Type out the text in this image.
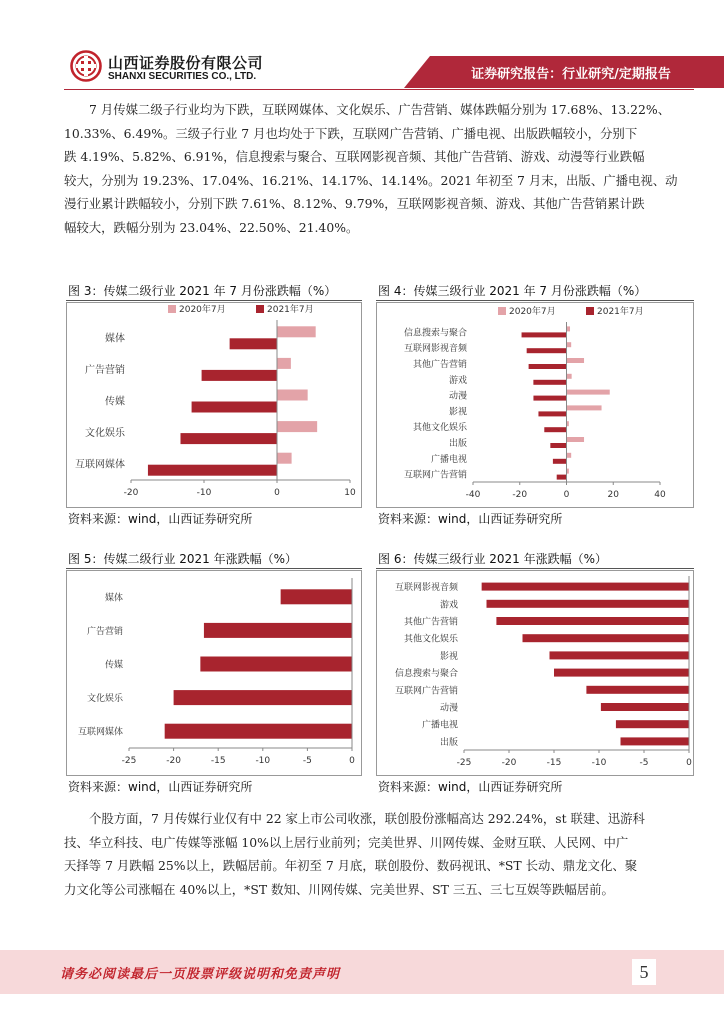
山西证券股份有限公司
SHANXI SECURITIES CO., LTD.	证券研究报告：行业研究/定期报告
7 月传媒二级子行业均为下跌，互联网媒体、文化娱乐、广告营销、媒体跌幅分别为 17.68%、13.22%、
10.33%、6.49%。三级子行业 7 月也均处于下跌，互联网广告营销、广播电视、出版跌幅较小，分别下
跌 4.19%、5.82%、6.91%，信息搜索与聚合、互联网影视音频、其他广告营销、游戏、动漫等行业跌幅
较大，分别为 19.23%、17.04%、16.21%、14.17%、14.14%。2021 年初至 7 月末，出版、广播电视、动
漫行业累计跌幅较小，分别下跌 7.61%、8.12%、9.79%，互联网影视音频、游戏、其他广告营销累计跌
幅较大，跌幅分别为 23.04%、22.50%、21.40%。
图 3：传媒二级行业 2021 年 7 月份涨跌幅（%）	图 4：传媒三级行业 2021 年 7 月份涨跌幅（%）
2020年7月	2021年7月
媒体
广告营销
传媒
文化娱乐
互联网媒体
-20	-10	0	10
2020年7月	2021年7月
信息搜索与聚合
互联网影视音频
其他广告营销
游戏
动漫
影视
其他文化娱乐
出版
广播电视
互联网广告营销
-40	-20	0	20	40
资料来源：wind，山西证券研究所	资料来源：wind，山西证券研究所
图 5：传媒二级行业 2021 年涨跌幅（%）	图 6：传媒三级行业 2021 年涨跌幅（%）
媒体
广告营销
传媒
文化娱乐
互联网媒体
-25	-20	-15	-10	-5	0
互联网影视音频
游戏
其他广告营销
其他文化娱乐
影视
信息搜索与聚合
互联网广告营销
动漫
广播电视
出版
-25	-20	-15	-10	-5	0
资料来源：wind，山西证券研究所	资料来源：wind，山西证券研究所
个股方面，7 月传媒行业仅有中 22 家上市公司收涨，联创股份涨幅高达 292.24%，st 联建、迅游科
技、华立科技、电广传媒等涨幅 10%以上居行业前列；完美世界、川网传媒、金财互联、人民网、中广
天择等 7 月跌幅 25%以上，跌幅居前。年初至 7 月底，联创股份、数码视讯、*ST 长动、鼎龙文化、聚
力文化等公司涨幅在 40%以上，*ST 数知、川网传媒、完美世界、ST 三五、三七互娱等跌幅居前。
请务必阅读最后一页股票评级说明和免责声明	5
